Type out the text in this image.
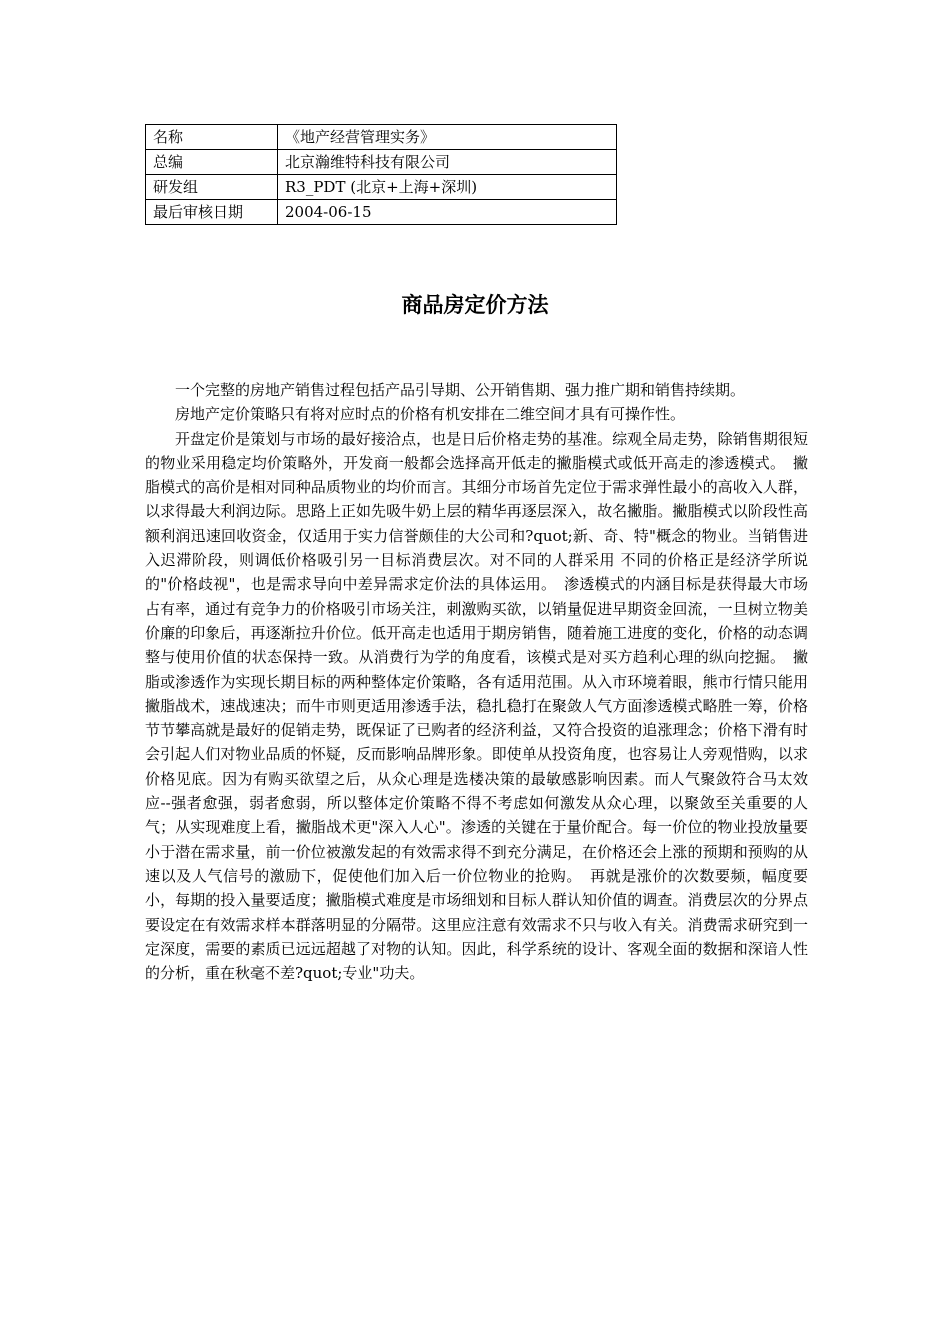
名称	《地产经营管理实务》
总编	北京瀚维特科技有限公司
研发组	R3_PDT (北京+上海+深圳)
最后审核日期	2004-06-15
商品房定价方法

一个完整的房地产销售过程包括产品引导期、公开销售期、强力推广期和销售持续期。

房地产定价策略只有将对应时点的价格有机安排在二维空间才具有可操作性。

开盘定价是策划与市场的最好接洽点，也是日后价格走势的基准。综观全局走势，除销售期很短的物业采用稳定均价策略外，开发商一般都会选择高开低走的撇脂模式或低开高走的渗透模式。　撇脂模式的高价是相对同种品质物业的均价而言。其细分市场首先定位于需求弹性最小的高收入人群，以求得最大利润边际。思路上正如先吸牛奶上层的精华再逐层深入，故名撇脂。撇脂模式以阶段性高额利润迅速回收资金，仅适用于实力信誉颇佳的大公司和?quot;新、奇、特"概念的物业。当销售进入迟滞阶段，则调低价格吸引另一目标消费层次。对不同的人群采用 不同的价格正是经济学所说的"价格歧视"，也是需求导向中差异需求定价法的具体运用。　渗透模式的内涵目标是获得最大市场占有率，通过有竞争力的价格吸引市场关注，刺激购买欲，以销量促进早期资金回流，一旦树立物美价廉的印象后，再逐渐拉升价位。低开高走也适用于期房销售，随着施工进度的变化，价格的动态调整与使用价值的状态保持一致。从消费行为学的角度看，该模式是对买方趋利心理的纵向挖掘。　撇脂或渗透作为实现长期目标的两种整体定价策略，各有适用范围。从入市环境着眼，熊市行情只能用撇脂战术，速战速决；而牛市则更适用渗透手法，稳扎稳打在聚敛人气方面渗透模式略胜一筹，价格节节攀高就是最好的促销走势，既保证了已购者的经济利益，又符合投资的追涨理念；价格下滑有时会引起人们对物业品质的怀疑，反而影响品牌形象。即使单从投资角度，也容易让人旁观惜购，以求价格见底。因为有购买欲望之后，从众心理是选楼决策的最敏感影响因素。而人气聚敛符合马太效应--强者愈强，弱者愈弱，所以整体定价策略不得不考虑如何激发从众心理，以聚敛至关重要的人气；从实现难度上看，撇脂战术更"深入人心"。渗透的关键在于量价配合。每一价位的物业投放量要小于潜在需求量，前一价位被激发起的有效需求得不到充分满足，在价格还会上涨的预期和预购的从速以及人气信号的激励下，促使他们加入后一价位物业的抢购。　再就是涨价的次数要频，幅度要小，每期的投入量要适度；撇脂模式难度是市场细划和目标人群认知价值的调查。消费层次的分界点要设定在有效需求样本群落明显的分隔带。这里应注意有效需求不只与收入有关。消费需求研究到一定深度，需要的素质已远远超越了对物的认知。因此，科学系统的设计、客观全面的数据和深谙人性的分析，重在秋毫不差?quot;专业"功夫。
